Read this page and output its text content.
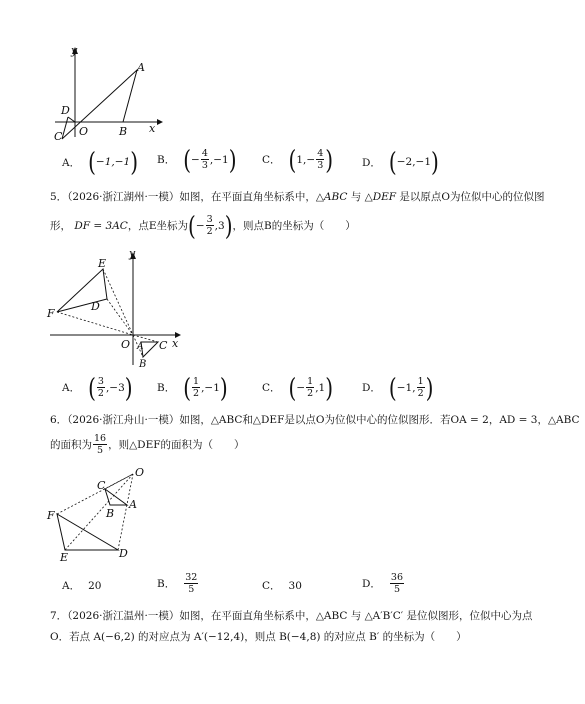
y
x
A
B
C
D
O
A． ( −1,−1 ) B． ( − $\frac{4}{3} ,-1$ ) C． ( $1,- \frac{4}{3}$ )	D． ( −2,−1 )
5．（2026·浙江湖州·一模）如图，在平面直角坐标系中，△ABC 与 △DEF 是以原点O为位似中心的位似图
形，
DF = 3AC ，点E坐标为 ( − $\frac{3}{2} ,3$ ) ，则点B的坐标为（　　）
y
x
E
F
D
O A C
B
A． ( $\frac{3}{2} ,-3$ ) B． ( $\frac{1}{2} ,-1$ )	C． ( − $\frac{1}{2} ,1$ )	D． ( −1, $\frac{1}{2}$ )
6．（2026·浙江舟山·一模）如图，△ABC和△DEF是以点O为位似中心的位似图形．若OA = 2，AD = 3，△ABC
的面积为 $\frac{16}{5}$ ，则△DEF的面积为（　　）
O
C
A
B
F
E	D
A． 20	B． $\frac{32}{5}$	C． 30	D． $\frac{36}{5}$
7．（2026·浙江温州·一模）如图，在平面直角坐标系中，△ABC 与 △A′B′C′ 是位似图形，位似中心为点
O．若点 A(−6,2) 的对应点为 A′(−12,4)，则点 B(−4,8) 的对应点 B′ 的坐标为（　　）
